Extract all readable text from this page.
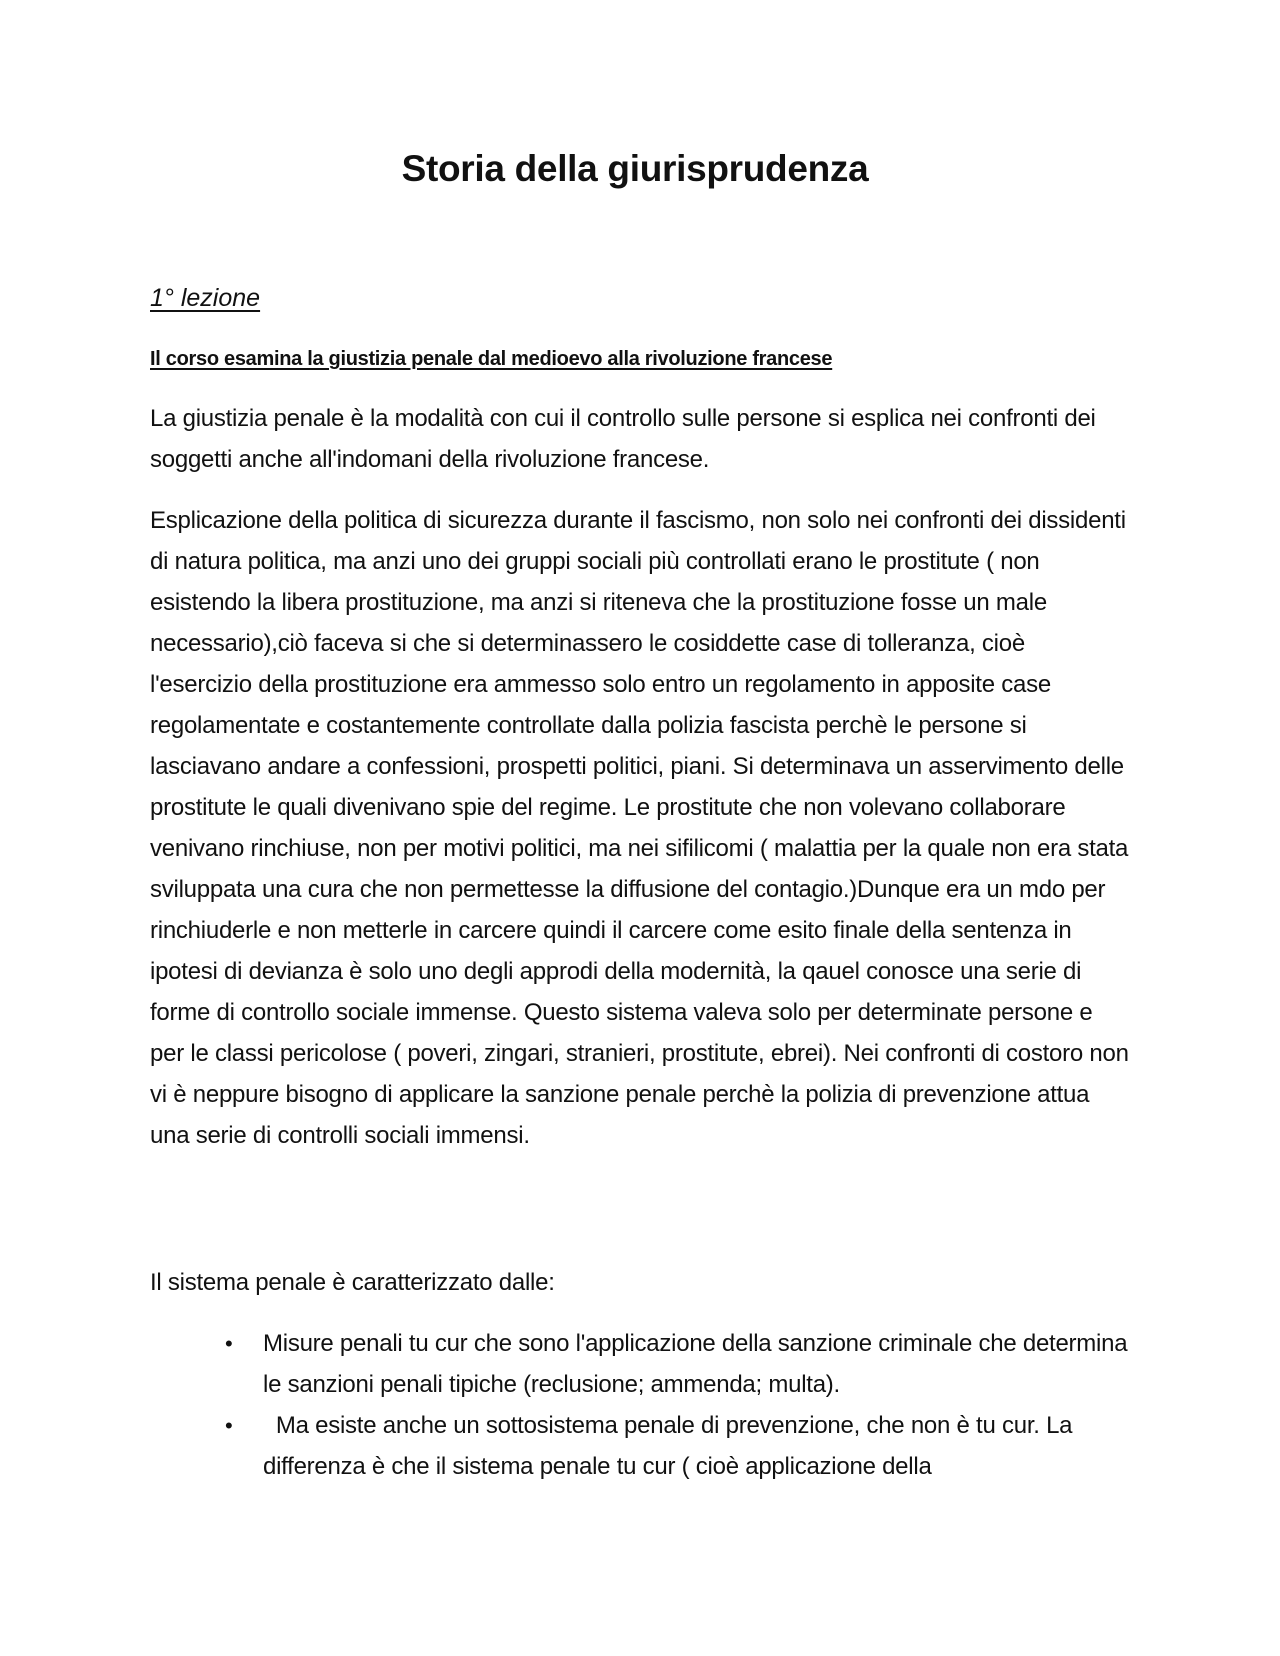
Storia della giurisprudenza

1° lezione

Il corso esamina la giustizia penale dal medioevo alla rivoluzione francese

La giustizia penale è la modalità con cui il controllo sulle persone si esplica nei confronti dei soggetti anche all'indomani della rivoluzione francese.

Esplicazione della politica di sicurezza durante il fascismo, non solo nei confronti dei dissidenti di natura politica, ma anzi uno dei gruppi sociali più controllati erano le prostitute ( non esistendo la libera prostituzione, ma anzi si riteneva che la prostituzione fosse un male necessario),ciò faceva si che si determinassero le cosiddette case di tolleranza, cioè l'esercizio della prostituzione era ammesso solo entro un regolamento in apposite case regolamentate e costantemente controllate dalla polizia fascista perchè le persone si lasciavano andare a confessioni, prospetti politici, piani. Si determinava un asservimento delle prostitute le quali divenivano spie del regime. Le prostitute che non volevano collaborare venivano rinchiuse, non per motivi politici, ma nei sifilicomi ( malattia per la quale non era stata sviluppata una cura che non permettesse la diffusione del contagio.)Dunque era un mdo per rinchiuderle e non metterle in carcere quindi il carcere come esito finale della sentenza in ipotesi di devianza è solo uno degli approdi della modernità, la qauel conosce una serie di forme di controllo sociale immense. Questo sistema valeva solo per determinate persone e per le classi pericolose ( poveri, zingari, stranieri, prostitute, ebrei). Nei confronti di costoro non vi è neppure bisogno di applicare la sanzione penale perchè la polizia di prevenzione attua una serie di controlli sociali immensi.

Il sistema penale è caratterizzato dalle:

• Misure penali tu cur che sono l'applicazione della sanzione criminale che determina le sanzioni penali tipiche (reclusione; ammenda; multa).
• Ma esiste anche un sottosistema penale di prevenzione, che non è tu cur. La differenza è che il sistema penale tu cur ( cioè applicazione della
